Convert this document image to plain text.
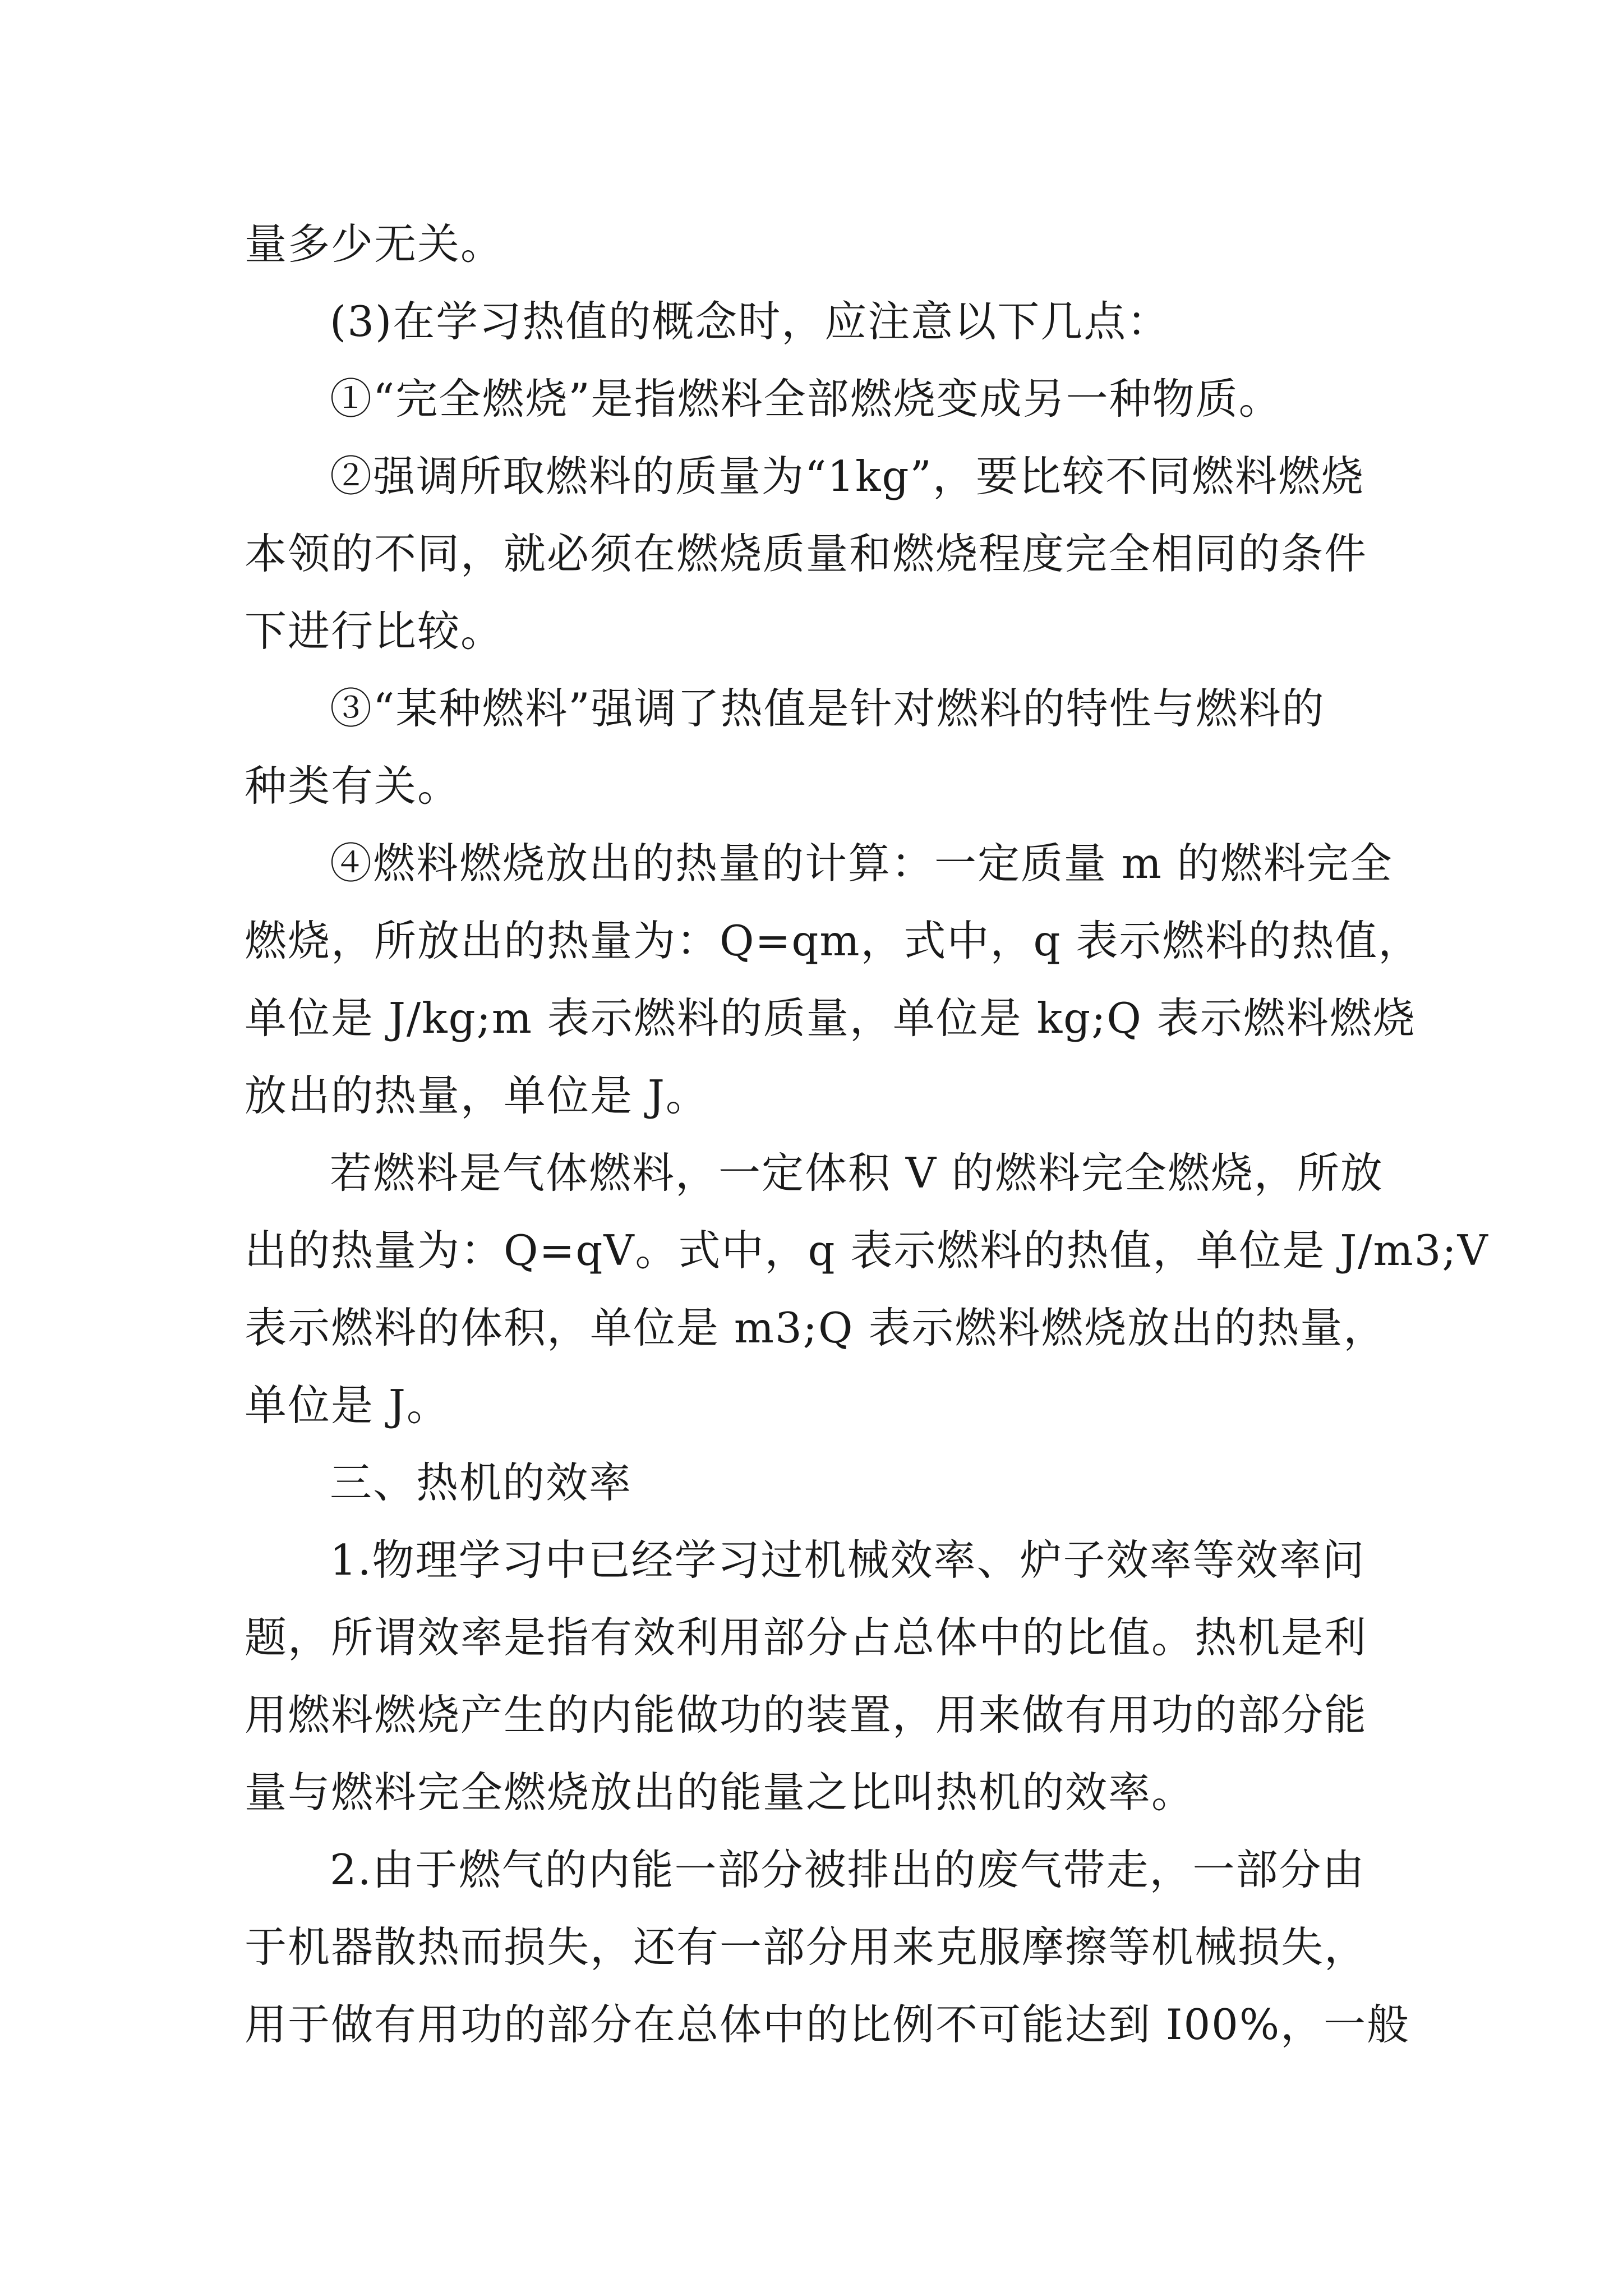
量多少无关。
(3)在学习热值的概念时，应注意以下几点：
①“完全燃烧”是指燃料全部燃烧变成另一种物质。
②强调所取燃料的质量为“1kg”，要比较不同燃料燃烧
本领的不同，就必须在燃烧质量和燃烧程度完全相同的条件
下进行比较。
③“某种燃料”强调了热值是针对燃料的特性与燃料的
种类有关。
④燃料燃烧放出的热量的计算：一定质量 m 的燃料完全
燃烧，所放出的热量为：Q=qm，式中，q 表示燃料的热值，
单位是 J/kg;m 表示燃料的质量，单位是 kg;Q 表示燃料燃烧
放出的热量，单位是 J。
若燃料是气体燃料，一定体积 V 的燃料完全燃烧，所放
出的热量为：Q=qV。式中，q 表示燃料的热值，单位是 J/m3;V
表示燃料的体积，单位是 m3;Q 表示燃料燃烧放出的热量，
单位是 J。
三、热机的效率
1.物理学习中已经学习过机械效率、炉子效率等效率问
题，所谓效率是指有效利用部分占总体中的比值。热机是利
用燃料燃烧产生的内能做功的装置，用来做有用功的部分能
量与燃料完全燃烧放出的能量之比叫热机的效率。
2.由于燃气的内能一部分被排出的废气带走，一部分由
于机器散热而损失，还有一部分用来克服摩擦等机械损失，
用于做有用功的部分在总体中的比例不可能达到 I00%，一般
